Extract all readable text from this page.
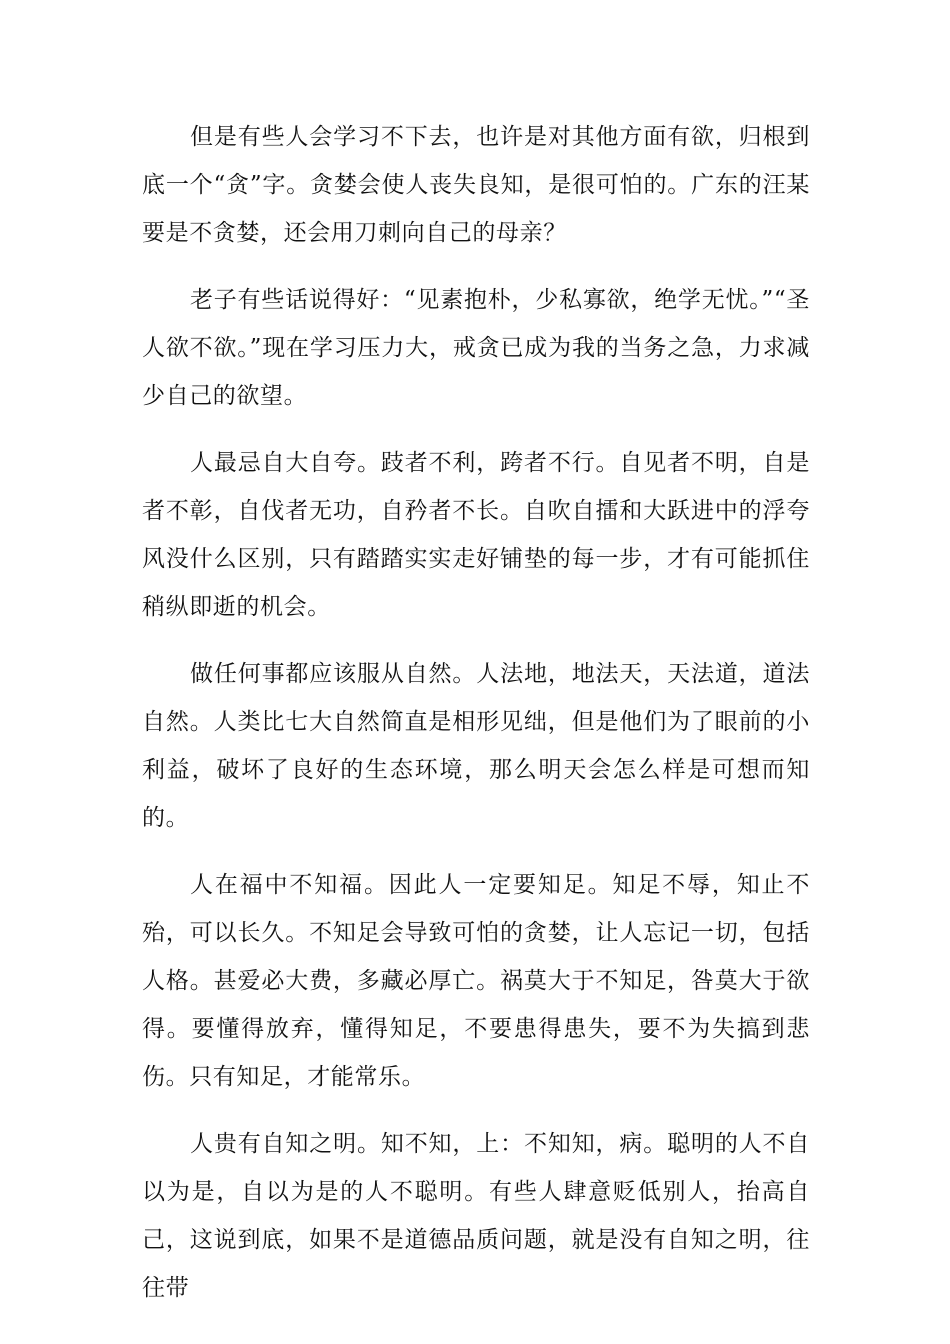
但是有些人会学习不下去，也许是对其他方面有欲，归根到底一个“贪”字。贪婪会使人丧失良知，是很可怕的。广东的汪某要是不贪婪，还会用刀刺向自己的母亲？

老子有些话说得好：“见素抱朴，少私寡欲，绝学无忧。”“圣人欲不欲。”现在学习压力大，戒贪已成为我的当务之急，力求减少自己的欲望。

人最忌自大自夸。跂者不利，跨者不行。自见者不明，自是者不彰，自伐者无功，自矜者不长。自吹自擂和大跃进中的浮夸风没什么区别，只有踏踏实实走好铺垫的每一步，才有可能抓住稍纵即逝的机会。

做任何事都应该服从自然。人法地，地法天，天法道，道法自然。人类比七大自然简直是相形见绌，但是他们为了眼前的小利益，破坏了良好的生态环境，那么明天会怎么样是可想而知的。

人在福中不知福。因此人一定要知足。知足不辱，知止不殆，可以长久。不知足会导致可怕的贪婪，让人忘记一切，包括人格。甚爱必大费，多藏必厚亡。祸莫大于不知足，咎莫大于欲得。要懂得放弃，懂得知足，不要患得患失，要不为失搞到悲伤。只有知足，才能常乐。

人贵有自知之明。知不知，上：不知知，病。聪明的人不自以为是，自以为是的人不聪明。有些人肆意贬低别人，抬高自己，这说到底，如果不是道德品质问题，就是没有自知之明，往往带
